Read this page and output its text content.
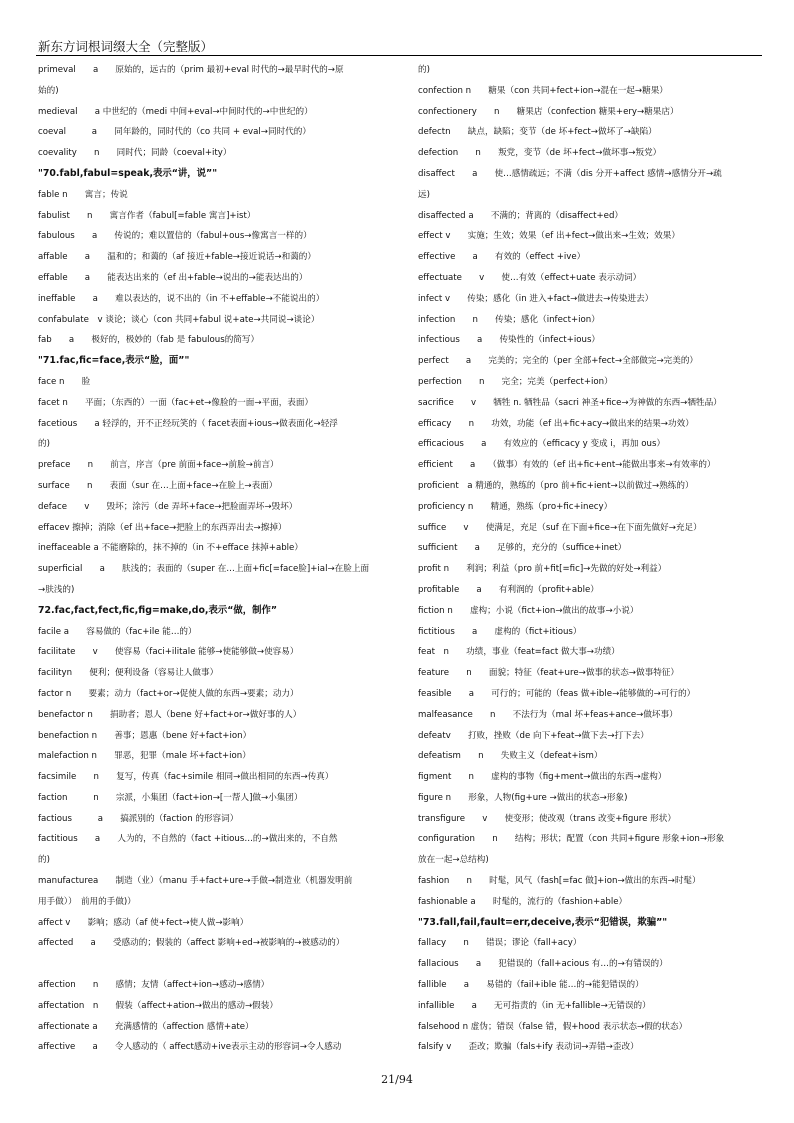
新东方词根词缀大全（完整版）
primeval　　a　　原始的，远古的（prim 最初+eval 时代的→最早时代的→原
始的)
medieval　　a 中世纪的（medi 中间+eval→中间时代的→中世纪的）
coeval　　　a　　同年龄的，同时代的（co 共同 + eval→同时代的）
coevality　　n　　同时代；同龄（coeval+ity）
"70.fabl,fabul=speak,表示“讲，说”"
fable n　　寓言；传说
fabulist　　n　　寓言作者（fabul[=fable 寓言]+ist）
fabulous　　a　　传说的；难以置信的（fabul+ous→像寓言一样的）
affable　　a　　温和的；和蔼的（af 接近+fable→接近说话→和蔼的）
effable　　a　　能表达出来的（ef 出+fable→说出的→能表达出的）
ineffable　　a　　难以表达的，说不出的（in 不+effable→不能说出的）
confabulate　v 谈论；谈心（con 共同+fabul 说+ate→共同说→谈论）
fab　　a　　极好的，极妙的（fab 是 fabulous的简写）
"71.fac,fic=face,表示“脸，面”"
face n　　脸
facet n　　平面；（东西的）一面（fac+et→像脸的一面→平面，表面）
facetious　　a 轻浮的，开不正经玩笑的（ facet表面+ious→做表面化→轻浮
的)
preface　　n　　前言，序言（pre 前面+face→前脸→前言）
surface　　n　　表面（sur 在…上面+face→在脸上→表面）
deface　　v　　毁坏；涂污（de 弄坏+face→把脸面弄坏→毁坏）
effacev 擦掉；消除（ef 出+face→把脸上的东西弄出去→擦掉）
ineffaceable a 不能磨除的，抹不掉的（in 不+efface 抹掉+able）
superficial　　a　　肤浅的；表面的（super 在…上面+fic[=face脸]+ial→在脸上面
→肤浅的)
72.fac,fact,fect,fic,fig=make,do,表示“做，制作”
facile a　　容易做的（fac+ile 能…的）
facilitate　　v　　使容易（faci+ilitale 能够→使能够做→使容易）
facilityn　　便利；便利设备（容易让人做事）
factor n　　要素；动力（fact+or→促使人做的东西→要素；动力）
benefactor n　　捐助者；恩人（bene 好+fact+or→做好事的人）
benefaction n　　善事；恩惠（bene 好+fact+ion）
malefaction n　　罪恶，犯罪（male 坏+fact+ion）
facsimile　　n　　复写，传真（fac+simile 相同→做出相同的东西→传真）
faction　　　n　　宗派，小集团（fact+ion→[一帮人]做→小集团）
factious　　　a　　搞派别的（faction 的形容词）
factitious　　a　　人为的，不自然的（fact +itious…的→做出来的，不自然
的)
manufacturea　　制造（业）（manu 手+fact+ure→手做→制造业（机器发明前
用手做））　前用的手做)）
affect v　　影响；感动（af 使+fect→使人做→影响）
affected　　a　　受感动的；假装的（affect 影响+ed→被影响的→被感动的）
affection　　n　　感情；友情（affect+ion→感动→感情）
affectation　n　　假装（affect+ation→做出的感动→假装）
affectionate a　　充满感情的（affection 感情+ate）
affective　　a　　令人感动的（ affect感动+ive表示主动的形容词→令人感动
的)
confection n　　糖果（con 共同+fect+ion→混在一起→糖果）
confectionery　　n　　糖果店（confection 糖果+ery→糖果店）
defectn　　缺点，缺陷；变节（de 坏+fect→做坏了→缺陷）
defection　　n　　叛党，变节（de 坏+fect→做坏事→叛党）
disaffect　　a　　使…感情疏远；不满（dis 分开+affect 感情→感情分开→疏
远)
disaffected a　　不满的；背离的（disaffect+ed）
effect v　　实施；生效；效果（ef 出+fect→做出来→生效；效果）
effective　　a　　有效的（effect +ive）
effectuate　　v　　使…有效（effect+uate 表示动词）
infect v　　传染；感化（in 进入+fact→做进去→传染进去）
infection　　n　　传染；感化（infect+ion）
infectious　　a　　传染性的（infect+ious）
perfect　　a　　完美的；完全的（per 全部+fect→全部做完→完美的）
perfection　　n　　完全；完美（perfect+ion）
sacrifice　　v　　牺牲 n. 牺牲品（sacri 神圣+fice→为神做的东西→牺牲品）
efficacy　　n　　功效，功能（ef 出+fic+acy→做出来的结果→功效）
efficacious　　a　　有效应的（efficacy y 变成 i，再加 ous）
efficient　　a　　（做事）有效的（ef 出+fic+ent→能做出事来→有效率的）
proficient　a 精通的，熟练的（pro 前+fic+ient→以前做过→熟练的）
proficiency n　　精通，熟练（pro+fic+inecy）
suffice　　v　　使满足，充足（suf 在下面+fice→在下面先做好→充足）
sufficient　　a　　足够的，充分的（suffice+inet）
profit n　　利润；利益（pro 前+fit[=fic]→先做的好处→利益）
profitable　　a　　有利润的（profit+able）
fiction n　　虚构；小说（fict+ion→做出的故事→小说）
fictitious　　a　　虚构的（fict+itious）
feat　n　　功绩，事业（feat=fact 做大事→功绩）
feature　　n　　面貌；特征（feat+ure→做事的状态→做事特征）
feasible　　a　　可行的；可能的（feas 做+ible→能够做的→可行的）
malfeasance　　n　　不法行为（mal 坏+feas+ance→做坏事）
defeatv　　打败，挫败（de 向下+feat→做下去→打下去）
defeatism　　n　　失败主义（defeat+ism）
figment　　n　　虚构的事物（fig+ment→做出的东西→虚构）
figure n　　形象，人物(fig+ure →做出的状态→形象)
transfigure　　v　　使变形；使改观（trans 改变+figure 形状）
configuration　　n　　结构；形状；配置（con 共同+figure 形象+ion→形象
放在一起→总结构)
fashion　　n　　时髦，风气（fash[=fac 做]+ion→做出的东西→时髦）
fashionable a　　时髦的，流行的（fashion+able）
"73.fall,fail,fault=err,deceive,表示“犯错误，欺骗”"
fallacy　　n　　错误；谬论（fall+acy）
fallacious　　a　　犯错误的（fall+acious 有…的→有错误的）
fallible　　a　　易错的（fail+ible 能…的→能犯错误的）
infallible　　a　　无可指责的（in 无+fallible→无错误的）
falsehood n 虚伪；错误（false 错，假+hood 表示状态→假的状态）
falsify v　　歪改；欺骗（fals+ify 表动词→弄错→歪改）
21/94
